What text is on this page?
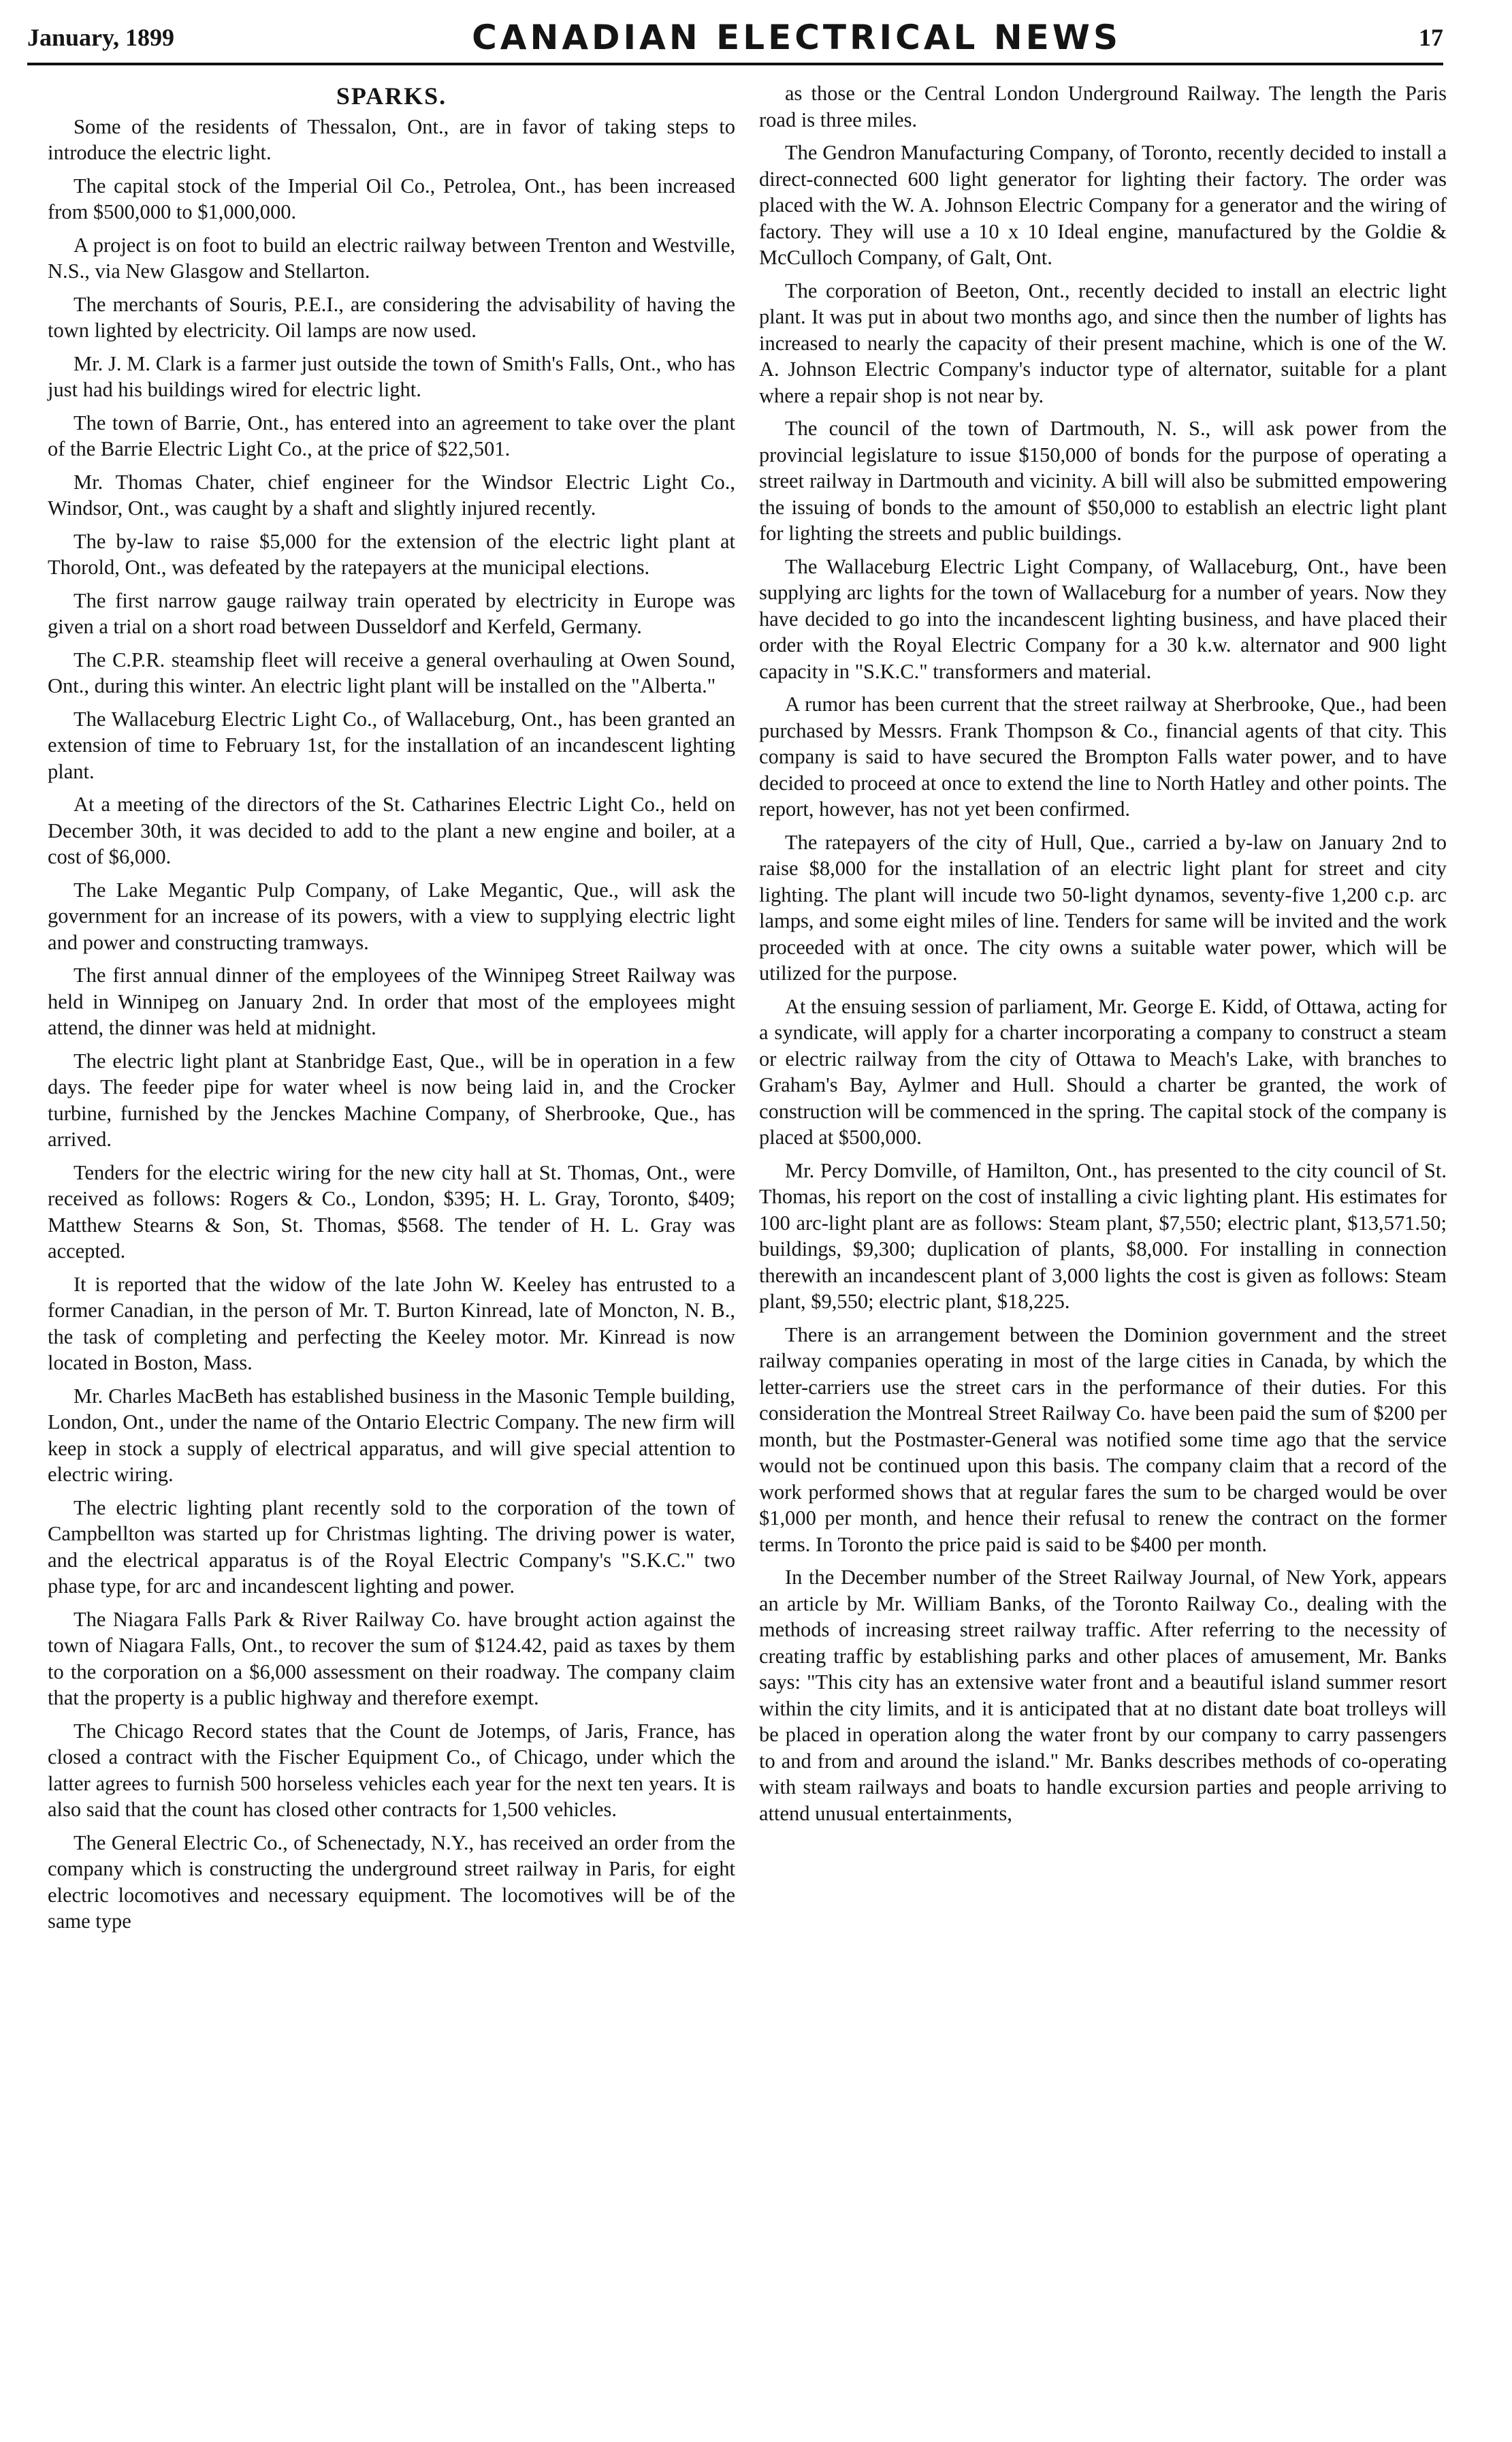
January, 1899	CANADIAN ELECTRICAL NEWS	17
SPARKS.

Some of the residents of Thessalon, Ont., are in favor of taking steps to introduce the electric light.

The capital stock of the Imperial Oil Co., Petrolea, Ont., has been increased from $500,000 to $1,000,000.

A project is on foot to build an electric railway between Trenton and Westville, N.S., via New Glasgow and Stellarton.

The merchants of Souris, P.E.I., are considering the advisability of having the town lighted by electricity. Oil lamps are now used.

Mr. J. M. Clark is a farmer just outside the town of Smith's Falls, Ont., who has just had his buildings wired for electric light.

The town of Barrie, Ont., has entered into an agreement to take over the plant of the Barrie Electric Light Co., at the price of $22,501.

Mr. Thomas Chater, chief engineer for the Windsor Electric Light Co., Windsor, Ont., was caught by a shaft and slightly injured recently.

The by-law to raise $5,000 for the extension of the electric light plant at Thorold, Ont., was defeated by the ratepayers at the municipal elections.

The first narrow gauge railway train operated by electricity in Europe was given a trial on a short road between Dusseldorf and Kerfeld, Germany.

The C.P.R. steamship fleet will receive a general overhauling at Owen Sound, Ont., during this winter. An electric light plant will be installed on the "Alberta."

The Wallaceburg Electric Light Co., of Wallaceburg, Ont., has been granted an extension of time to February 1st, for the installation of an incandescent lighting plant.

At a meeting of the directors of the St. Catharines Electric Light Co., held on December 30th, it was decided to add to the plant a new engine and boiler, at a cost of $6,000.

The Lake Megantic Pulp Company, of Lake Megantic, Que., will ask the government for an increase of its powers, with a view to supplying electric light and power and constructing tramways.

The first annual dinner of the employees of the Winnipeg Street Railway was held in Winnipeg on January 2nd. In order that most of the employees might attend, the dinner was held at midnight.

The electric light plant at Stanbridge East, Que., will be in operation in a few days. The feeder pipe for water wheel is now being laid in, and the Crocker turbine, furnished by the Jenckes Machine Company, of Sherbrooke, Que., has arrived.

Tenders for the electric wiring for the new city hall at St. Thomas, Ont., were received as follows: Rogers & Co., London, $395; H. L. Gray, Toronto, $409; Matthew Stearns & Son, St. Thomas, $568. The tender of H. L. Gray was accepted.

It is reported that the widow of the late John W. Keeley has entrusted to a former Canadian, in the person of Mr. T. Burton Kinread, late of Moncton, N. B., the task of completing and perfecting the Keeley motor. Mr. Kinread is now located in Boston, Mass.

Mr. Charles MacBeth has established business in the Masonic Temple building, London, Ont., under the name of the Ontario Electric Company. The new firm will keep in stock a supply of electrical apparatus, and will give special attention to electric wiring.

The electric lighting plant recently sold to the corporation of the town of Campbellton was started up for Christmas lighting. The driving power is water, and the electrical apparatus is of the Royal Electric Company's "S.K.C." two phase type, for arc and incandescent lighting and power.

The Niagara Falls Park & River Railway Co. have brought action against the town of Niagara Falls, Ont., to recover the sum of $124.42, paid as taxes by them to the corporation on a $6,000 assessment on their roadway. The company claim that the property is a public highway and therefore exempt.

The Chicago Record states that the Count de Jotemps, of Jaris, France, has closed a contract with the Fischer Equipment Co., of Chicago, under which the latter agrees to furnish 500 horseless vehicles each year for the next ten years. It is also said that the count has closed other contracts for 1,500 vehicles.

The General Electric Co., of Schenectady, N.Y., has received an order from the company which is constructing the underground street railway in Paris, for eight electric locomotives and necessary equipment. The locomotives will be of the same type

as those or the Central London Underground Railway. The length the Paris road is three miles.

The Gendron Manufacturing Company, of Toronto, recently decided to install a direct-connected 600 light generator for lighting their factory. The order was placed with the W. A. Johnson Electric Company for a generator and the wiring of factory. They will use a 10 x 10 Ideal engine, manufactured by the Goldie & McCulloch Company, of Galt, Ont.

The corporation of Beeton, Ont., recently decided to install an electric light plant. It was put in about two months ago, and since then the number of lights has increased to nearly the capacity of their present machine, which is one of the W. A. Johnson Electric Company's inductor type of alternator, suitable for a plant where a repair shop is not near by.

The council of the town of Dartmouth, N. S., will ask power from the provincial legislature to issue $150,000 of bonds for the purpose of operating a street railway in Dartmouth and vicinity. A bill will also be submitted empowering the issuing of bonds to the amount of $50,000 to establish an electric light plant for lighting the streets and public buildings.

The Wallaceburg Electric Light Company, of Wallaceburg, Ont., have been supplying arc lights for the town of Wallaceburg for a number of years. Now they have decided to go into the incandescent lighting business, and have placed their order with the Royal Electric Company for a 30 k.w. alternator and 900 light capacity in "S.K.C." transformers and material.

A rumor has been current that the street railway at Sherbrooke, Que., had been purchased by Messrs. Frank Thompson & Co., financial agents of that city. This company is said to have secured the Brompton Falls water power, and to have decided to proceed at once to extend the line to North Hatley and other points. The report, however, has not yet been confirmed.

The ratepayers of the city of Hull, Que., carried a by-law on January 2nd to raise $8,000 for the installation of an electric light plant for street and city lighting. The plant will incude two 50-light dynamos, seventy-five 1,200 c.p. arc lamps, and some eight miles of line. Tenders for same will be invited and the work proceeded with at once. The city owns a suitable water power, which will be utilized for the purpose.

At the ensuing session of parliament, Mr. George E. Kidd, of Ottawa, acting for a syndicate, will apply for a charter incorporating a company to construct a steam or electric railway from the city of Ottawa to Meach's Lake, with branches to Graham's Bay, Aylmer and Hull. Should a charter be granted, the work of construction will be commenced in the spring. The capital stock of the company is placed at $500,000.

Mr. Percy Domville, of Hamilton, Ont., has presented to the city council of St. Thomas, his report on the cost of installing a civic lighting plant. His estimates for 100 arc-light plant are as follows: Steam plant, $7,550; electric plant, $13,571.50; buildings, $9,300; duplication of plants, $8,000. For installing in connection therewith an incandescent plant of 3,000 lights the cost is given as follows: Steam plant, $9,550; electric plant, $18,225.

There is an arrangement between the Dominion government and the street railway companies operating in most of the large cities in Canada, by which the letter-carriers use the street cars in the performance of their duties. For this consideration the Montreal Street Railway Co. have been paid the sum of $200 per month, but the Postmaster-General was notified some time ago that the service would not be continued upon this basis. The company claim that a record of the work performed shows that at regular fares the sum to be charged would be over $1,000 per month, and hence their refusal to renew the contract on the former terms. In Toronto the price paid is said to be $400 per month.

In the December number of the Street Railway Journal, of New York, appears an article by Mr. William Banks, of the Toronto Railway Co., dealing with the methods of increasing street railway traffic. After referring to the necessity of creating traffic by establishing parks and other places of amusement, Mr. Banks says: "This city has an extensive water front and a beautiful island summer resort within the city limits, and it is anticipated that at no distant date boat trolleys will be placed in operation along the water front by our company to carry passengers to and from and around the island." Mr. Banks describes methods of co-operating with steam railways and boats to handle excursion parties and people arriving to attend unusual entertainments,
